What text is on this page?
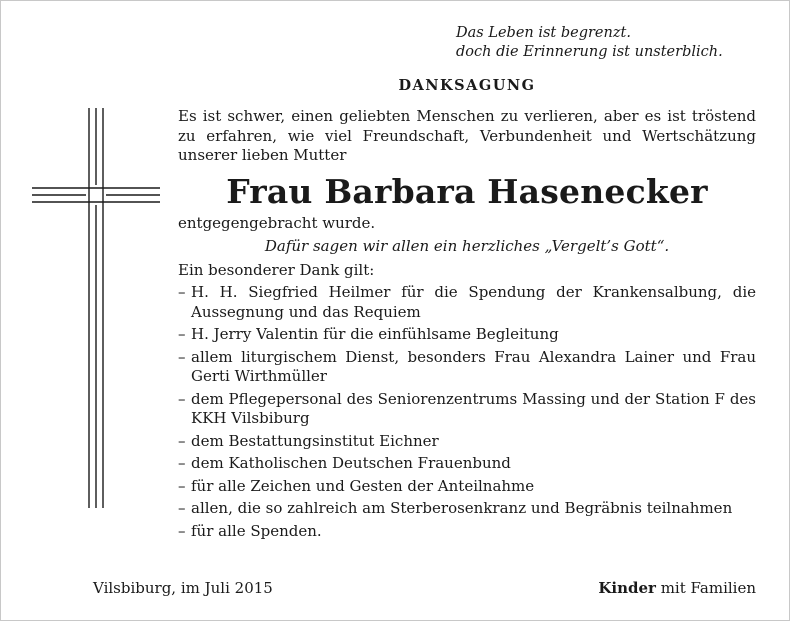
Das Leben ist begrenzt.
doch die Erinnerung ist unsterblich.
DANKSAGUNG

Es ist schwer, einen geliebten Menschen zu verlieren, aber es ist tröstend zu erfahren, wie viel Freundschaft, Verbundenheit und Wertschätzung unserer lieben Mutter

Frau Barbara Hasenecker

entgegengebracht wurde.

Dafür sagen wir allen ein herzliches „Vergelt’s Gott“.

Ein besonderer Dank gilt:

– H. H. Siegfried Heilmer für die Spendung der Krankensalbung, die Aussegnung und das Requiem
– H. Jerry Valentin für die einfühlsame Begleitung
– allem liturgischem Dienst, besonders Frau Alexandra Lainer und Frau Gerti Wirthmüller
– dem Pflegepersonal des Seniorenzentrums Massing und der Station F des KKH Vilsbiburg
– dem Bestattungsinstitut Eichner
– dem Katholischen Deutschen Frauenbund
– für alle Zeichen und Gesten der Anteilnahme
– allen, die so zahlreich am Sterberosenkranz und Begräbnis teilnahmen
– für alle Spenden.
Vilsbiburg, im Juli 2015	Kinder mit Familien
